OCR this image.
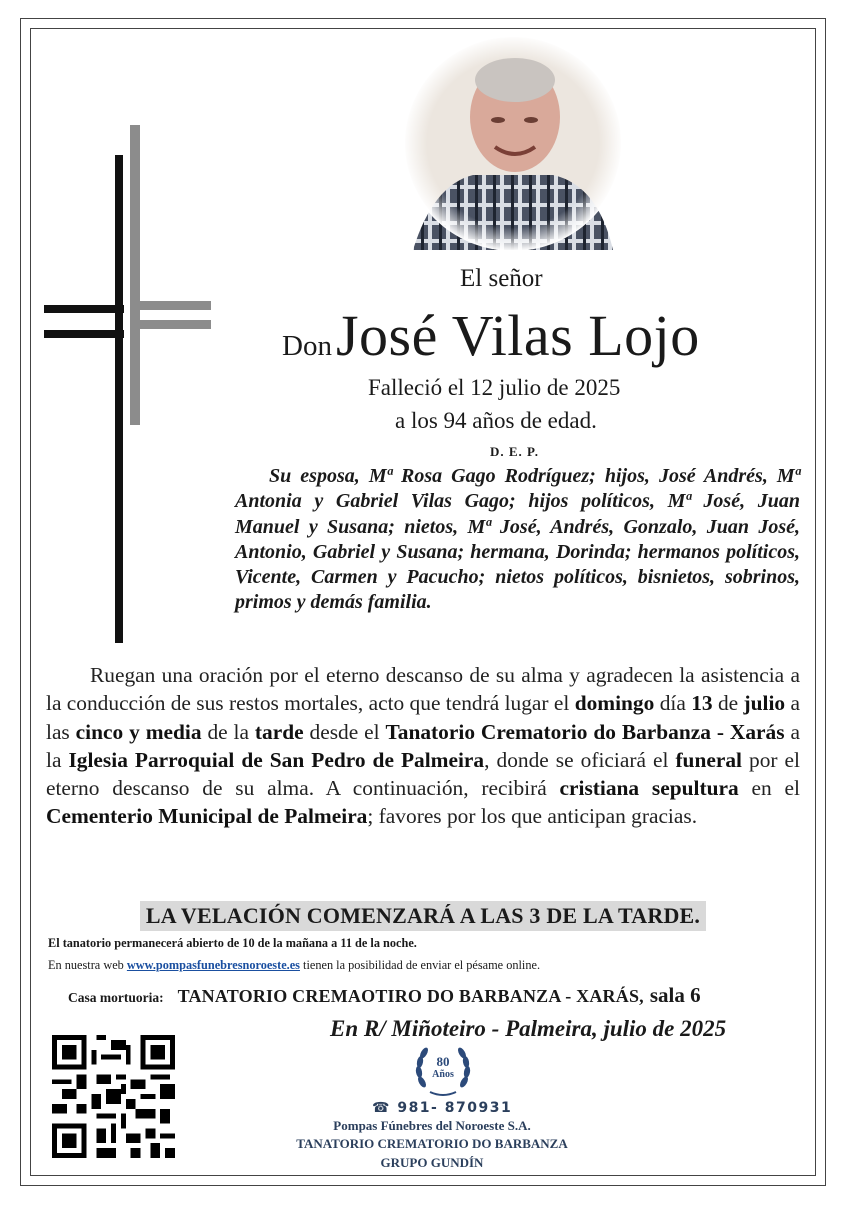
El señor
Don José Vilas Lojo
Falleció el 12 julio de 2025
a los 94 años de edad.
D. E. P.
Su esposa, Mª Rosa Gago Rodríguez; hijos, José Andrés, Mª Antonia y Gabriel Vilas Gago; hijos políticos, Mª José, Juan Manuel y Susana; nietos, Mª José, Andrés, Gonzalo, Juan José, Antonio, Gabriel y Susana; hermana, Dorinda; hermanos políticos, Vicente, Carmen y Pacucho; nietos políticos, bisnietos, sobrinos, primos y demás familia.
Ruegan una oración por el eterno descanso de su alma y agradecen la asistencia a la conducción de sus restos mortales, acto que tendrá lugar el domingo día 13 de julio a las cinco y media de la tarde desde el Tanatorio Crematorio do Barbanza - Xarás a la Iglesia Parroquial de San Pedro de Palmeira, donde se oficiará el funeral por el eterno descanso de su alma. A continuación, recibirá cristiana sepultura en el Cementerio Municipal de Palmeira; favores por los que anticipan gracias.
LA VELACIÓN COMENZARÁ A LAS 3 DE LA TARDE.
El tanatorio permanecerá abierto de 10 de la mañana a 11 de la noche.
En nuestra web www.pompasfunebresnoroeste.es tienen la posibilidad de enviar el pésame online.
Casa mortuoria: TANATORIO CREMAOTIRO DO BARBANZA - XARÁS, sala 6
En R/ Miñoteiro - Palmeira, julio de 2025
80
Años
☎ 981- 870931
Pompas Fúnebres del Noroeste S.A.
TANATORIO CREMATORIO DO BARBANZA
GRUPO GUNDÍN
